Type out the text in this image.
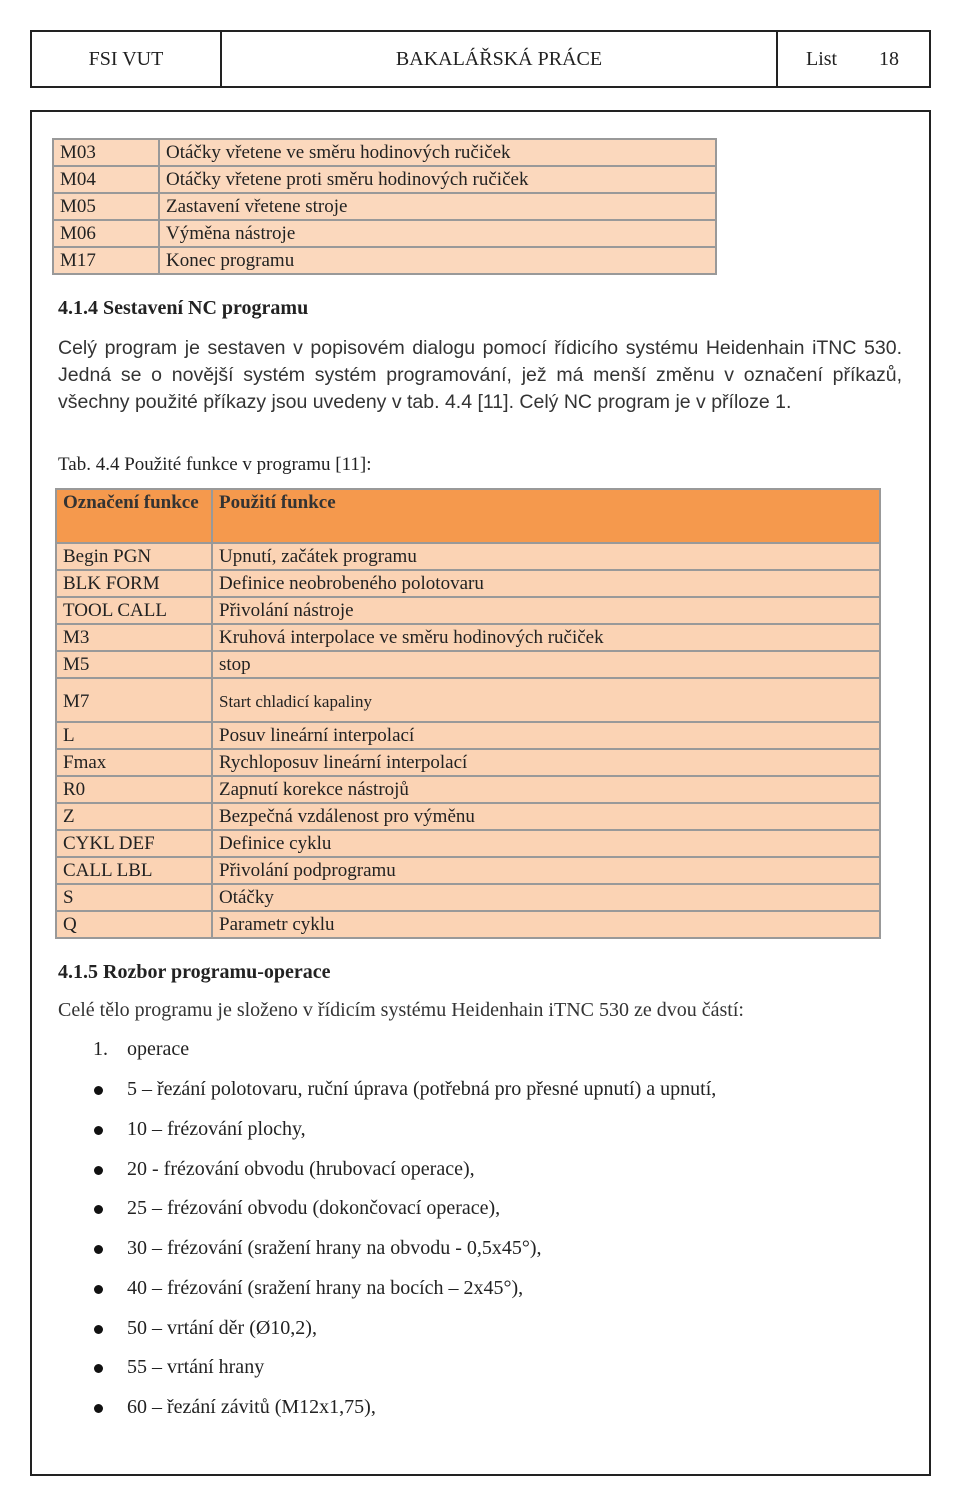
FSI VUT	BAKALÁŘSKÁ PRÁCE	List 18
M03	Otáčky vřetene ve směru hodinových ručiček
M04	Otáčky vřetene proti směru hodinových ručiček
M05	Zastavení vřetene stroje
M06	Výměna nástroje
M17	Konec programu
4.1.4 Sestavení NC programu
Celý program je sestaven v popisovém dialogu pomocí řídicího systému Heidenhain iTNC 530. Jedná se o novější systém systém programování, jež má menší změnu v označení příkazů, všechny použité příkazy jsou uvedeny v tab. 4.4 [11]. Celý NC program je v příloze 1.
Tab. 4.4 Použité funkce v programu [11]:
Označení funkce	Použití funkce
Begin PGN	Upnutí, začátek programu
BLK FORM	Definice neobrobeného polotovaru
TOOL CALL	Přivolání nástroje
M3	Kruhová interpolace ve směru hodinových ručiček
M5	stop
M7	Start chladicí kapaliny
L	Posuv lineární interpolací
Fmax	Rychloposuv lineární interpolací
R0	Zapnutí korekce nástrojů
Z	Bezpečná vzdálenost pro výměnu
CYKL DEF	Definice cyklu
CALL LBL	Přivolání podprogramu
S	Otáčky
Q	Parametr cyklu
4.1.5 Rozbor programu-operace
Celé tělo programu je složeno v řídicím systému Heidenhain iTNC 530 ze dvou částí:
1. operace
5 – řezání polotovaru, ruční úprava (potřebná pro přesné upnutí) a upnutí,
10 – frézování plochy,
20 - frézování obvodu (hrubovací operace),
25 – frézování obvodu (dokončovací operace),
30 – frézování (sražení hrany na obvodu - 0,5x45°),
40 – frézování (sražení hrany na bocích – 2x45°),
50 – vrtání děr (Ø10,2),
55 – vrtání hrany
60 – řezání závitů (M12x1,75),
